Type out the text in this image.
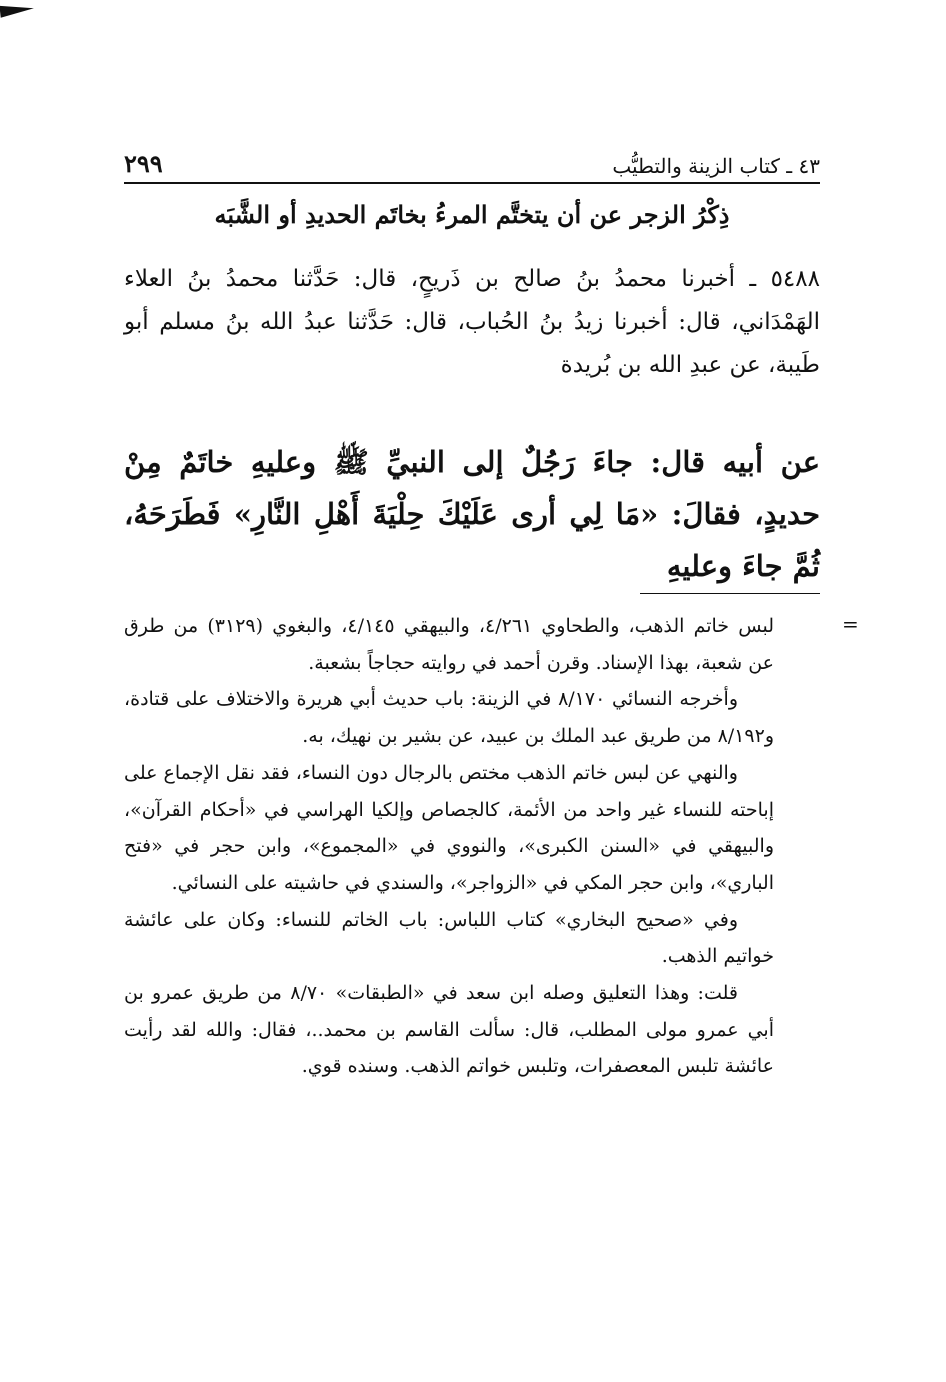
٤٣ ـ كتاب الزينة والتطيُّب
٢٩٩
ذِكْرُ الزجر عن أن يتختَّم المرءُ بخاتَم الحديدِ أو الشَّبَه

٥٤٨٨ ـ أخبرنا محمدُ بنُ صالح بن ذَريحٍ، قال: حَدَّثنا محمدُ بنُ العلاء الهَمْدَاني، قال: أخبرنا زيدُ بنُ الحُباب، قال: حَدَّثنا عبدُ الله بنُ مسلم أبو طَيبة، عن عبدِ الله بن بُريدة

عن أبيه قال: جاءَ رَجُلٌ إلى النبيِّ ﷺ وعليهِ خاتَمٌ مِنْ حديدٍ، فقالَ: «مَا لِي أرى عَلَيْكَ حِلْيَةَ أَهْلِ النَّارِ» فَطَرَحَهُ، ثُمَّ جاءَ وعليهِ

=

لبس خاتم الذهب، والطحاوي ٤/٢٦١، والبيهقي ٤/١٤٥، والبغوي (٣١٢٩) من طرق عن شعبة، بهذا الإسناد. وقرن أحمد في روايته حجاجاً بشعبة.

وأخرجه النسائي ٨/١٧٠ في الزينة: باب حديث أبي هريرة والاختلاف على قتادة، و٨/١٩٢ من طريق عبد الملك بن عبيد، عن بشير بن نهيك، به.

والنهي عن لبس خاتم الذهب مختص بالرجال دون النساء، فقد نقل الإجماع على إباحته للنساء غير واحد من الأئمة، كالجصاص وإلكيا الهراسي في «أحكام القرآن»، والبيهقي في «السنن الكبرى»، والنووي في «المجموع»، وابن حجر في «فتح الباري»، وابن حجر المكي في «الزواجر»، والسندي في حاشيته على النسائي.

وفي «صحيح البخاري» كتاب اللباس: باب الخاتم للنساء: وكان على عائشة خواتيم الذهب.

قلت: وهذا التعليق وصله ابن سعد في «الطبقات» ٨/٧٠ من طريق عمرو بن أبي عمرو مولى المطلب، قال: سألت القاسم بن محمد..، فقال: والله لقد رأيت عائشة تلبس المعصفرات، وتلبس خواتم الذهب. وسنده قوي.
